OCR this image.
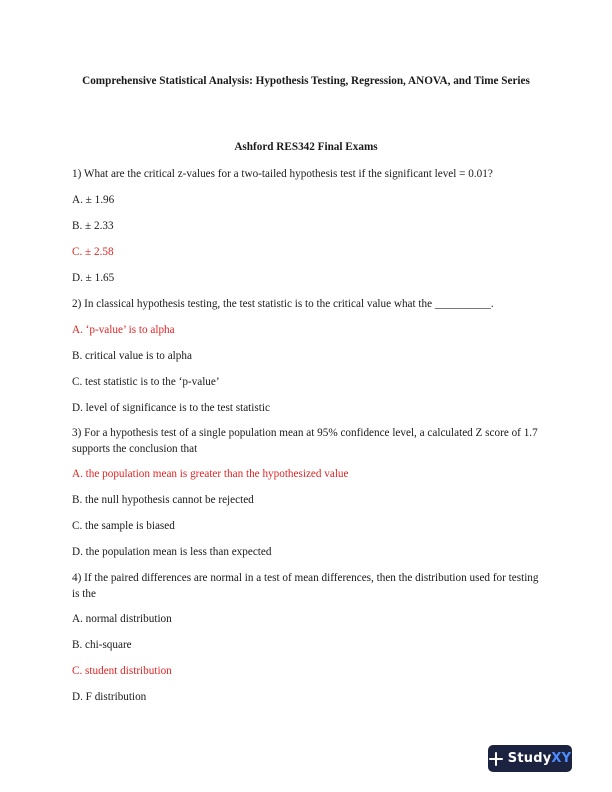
Comprehensive Statistical Analysis: Hypothesis Testing, Regression, ANOVA, and Time Series
Ashford RES342 Final Exams
1) What are the critical z-values for a two-tailed hypothesis test if the significant level = 0.01?
A. ± 1.96
B. ± 2.33
C. ± 2.58
D. ± 1.65
2) In classical hypothesis testing, the test statistic is to the critical value what the __________.
A. ‘p-value’ is to alpha
B. critical value is to alpha
C. test statistic is to the ‘p-value’
D. level of significance is to the test statistic
3) For a hypothesis test of a single population mean at 95% confidence level, a calculated Z score of 1.7 supports the conclusion that
A. the population mean is greater than the hypothesized value
B. the null hypothesis cannot be rejected
C. the sample is biased
D. the population mean is less than expected
4) If the paired differences are normal in a test of mean differences, then the distribution used for testing is the
A. normal distribution
B. chi-square
C. student distribution
D. F distribution
StudyXY
